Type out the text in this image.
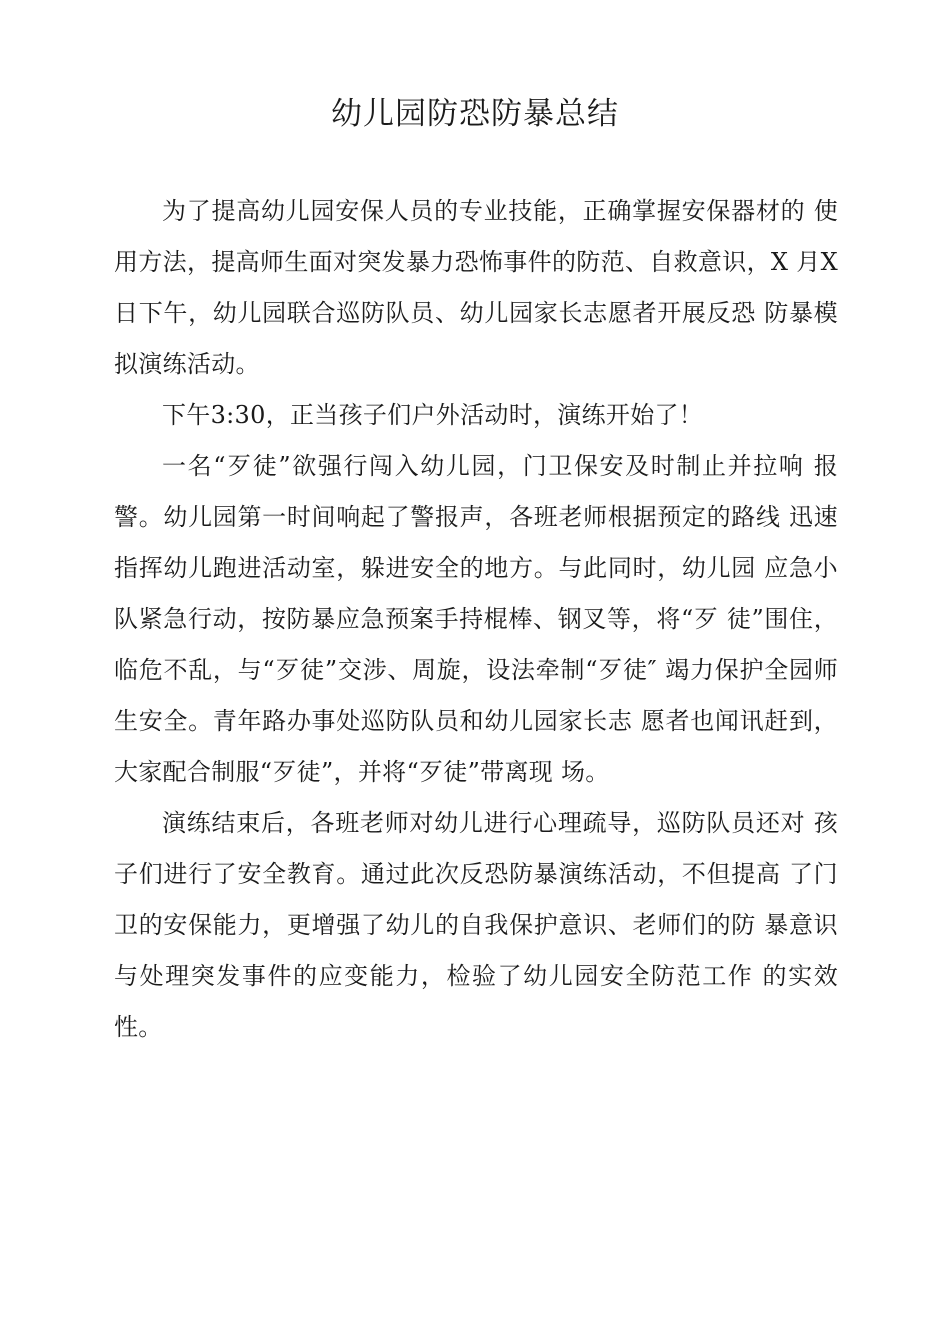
幼儿园防恐防暴总结

为了提高幼儿园安保人员的专业技能，正确掌握安保器材的 使用方法，提高师生面对突发暴力恐怖事件的防范、自救意识，X 月X日下午，幼儿园联合巡防队员、幼儿园家长志愿者开展反恐 防暴模拟演练活动。

下午3:30，正当孩子们户外活动时，演练开始了！

一名“歹徒”欲强行闯入幼儿园，门卫保安及时制止并拉响 报警。幼儿园第一时间响起了警报声，各班老师根据预定的路线 迅速指挥幼儿跑进活动室，躲进安全的地方。与此同时，幼儿园 应急小队紧急行动，按防暴应急预案手持棍棒、钢叉等，将“歹 徒”围住，临危不乱，与“歹徒”交涉、周旋，设法牵制“歹徒″ 竭力保护全园师生安全。青年路办事处巡防队员和幼儿园家长志 愿者也闻讯赶到，大家配合制服“歹徒”，并将“歹徒”带离现 场。

演练结束后，各班老师对幼儿进行心理疏导，巡防队员还对 孩子们进行了安全教育。通过此次反恐防暴演练活动，不但提高 了门卫的安保能力，更增强了幼儿的自我保护意识、老师们的防 暴意识与处理突发事件的应变能力，检验了幼儿园安全防范工作 的实效性。
